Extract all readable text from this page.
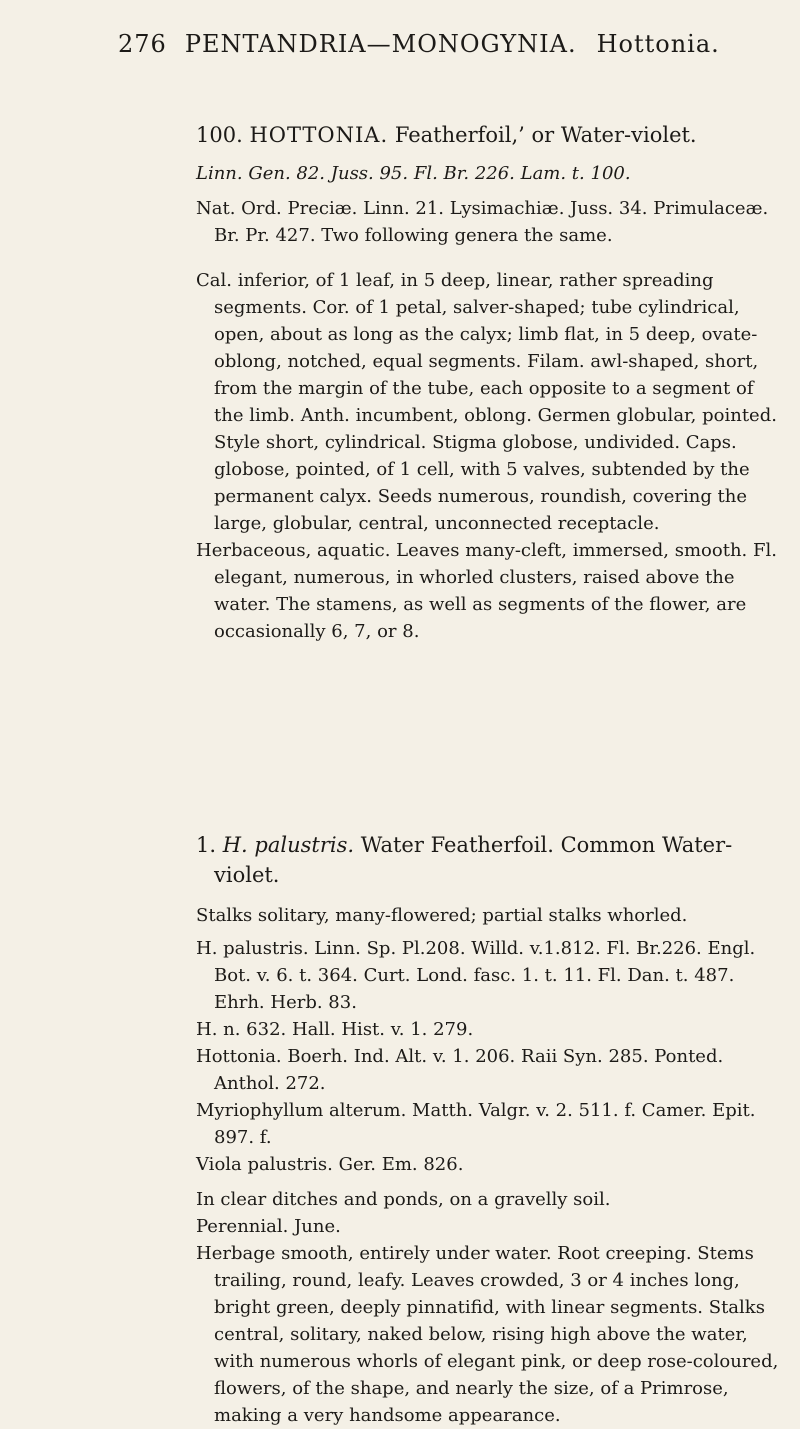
276 PENTANDRIA—MONOGYNIA. Hottonia.

100. HOTTONIA. Featherfoil,’ or Water-violet.

Linn. Gen. 82. Juss. 95. Fl. Br. 226. Lam. t. 100.

Nat. Ord. Preciæ. Linn. 21. Lysimachiæ. Juss. 34. Primulaceæ. Br. Pr. 427. Two following genera the same.

Cal. inferior, of 1 leaf, in 5 deep, linear, rather spreading segments. Cor. of 1 petal, salver-shaped; tube cylindrical, open, about as long as the calyx; limb flat, in 5 deep, ovate-oblong, notched, equal segments. Filam. awl-shaped, short, from the margin of the tube, each opposite to a segment of the limb. Anth. incumbent, oblong. Germen globular, pointed. Style short, cylindrical. Stigma globose, undivided. Caps. globose, pointed, of 1 cell, with 5 valves, subtended by the permanent calyx. Seeds numerous, roundish, covering the large, globular, central, unconnected receptacle.

Herbaceous, aquatic. Leaves many-cleft, immersed, smooth. Fl. elegant, numerous, in whorled clusters, raised above the water. The stamens, as well as segments of the flower, are occasionally 6, 7, or 8.

1. H. palustris. Water Featherfoil. Common Water-violet.

Stalks solitary, many-flowered; partial stalks whorled.

H. palustris. Linn. Sp. Pl.208. Willd. v.1.812. Fl. Br.226. Engl. Bot. v. 6. t. 364. Curt. Lond. fasc. 1. t. 11. Fl. Dan. t. 487. Ehrh. Herb. 83.

H. n. 632. Hall. Hist. v. 1. 279.

Hottonia. Boerh. Ind. Alt. v. 1. 206. Raii Syn. 285. Ponted. Anthol. 272.

Myriophyllum alterum. Matth. Valgr. v. 2. 511. f. Camer. Epit. 897. f.

Viola palustris. Ger. Em. 826.

In clear ditches and ponds, on a gravelly soil.

Perennial. June.

Herbage smooth, entirely under water. Root creeping. Stems trailing, round, leafy. Leaves crowded, 3 or 4 inches long, bright green, deeply pinnatifid, with linear segments. Stalks central, solitary, naked below, rising high above the water, with numerous whorls of elegant pink, or deep rose-coloured, flowers, of the shape, and nearly the size, of a Primrose, making a very handsome appearance.
